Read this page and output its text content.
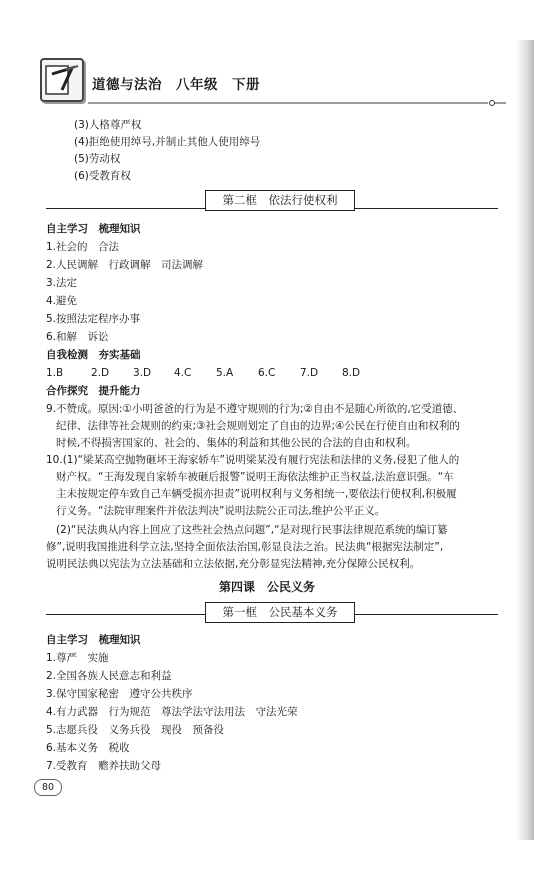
道德与法治　八年级　下册
(3)人格尊严权
(4)拒绝使用绰号,并制止其他人使用绰号
(5)劳动权
(6)受教育权
第二框　依法行使权利
自主学习　梳理知识
1.社会的　合法
2.人民调解　行政调解　司法调解
3.法定
4.避免
5.按照法定程序办事
6.和解　诉讼
自我检测　夯实基础
1.B	2.D 3.D 4.C 5.A 6.C 7.D 8.D
合作探究　提升能力
9.不赞成。原因:①小明爸爸的行为是不遵守规则的行为;②自由不是随心所欲的,它受道德、
纪律、法律等社会规则的约束;③社会规则划定了自由的边界;④公民在行使自由和权利的
时候,不得损害国家的、社会的、集体的利益和其他公民的合法的自由和权利。
10.(1)“梁某高空抛物砸坏王海家轿车”说明梁某没有履行宪法和法律的义务,侵犯了他人的
财产权。“王海发现自家轿车被砸后报警”说明王海依法维护正当权益,法治意识强。“车
主未按规定停车致自己车辆受损亦担责”说明权利与义务相统一,要依法行使权利,积极履
行义务。“法院审理案件并依法判决”说明法院公正司法,维护公平正义。
(2)“民法典从内容上回应了这些社会热点问题”,“是对现行民事法律规范系统的编订纂
修”,说明我国推进科学立法,坚持全面依法治国,彰显良法之治。民法典“根据宪法制定”,
说明民法典以宪法为立法基础和立法依据,充分彰显宪法精神,充分保障公民权利。
第四课　公民义务
第一框　公民基本义务
自主学习　梳理知识
1.尊严　实施
2.全国各族人民意志和利益
3.保守国家秘密　遵守公共秩序
4.有力武器　行为规范　尊法学法守法用法　守法光荣
5.志愿兵役　义务兵役　现役　预备役
6.基本义务　税收
7.受教育　赡养扶助父母
80
